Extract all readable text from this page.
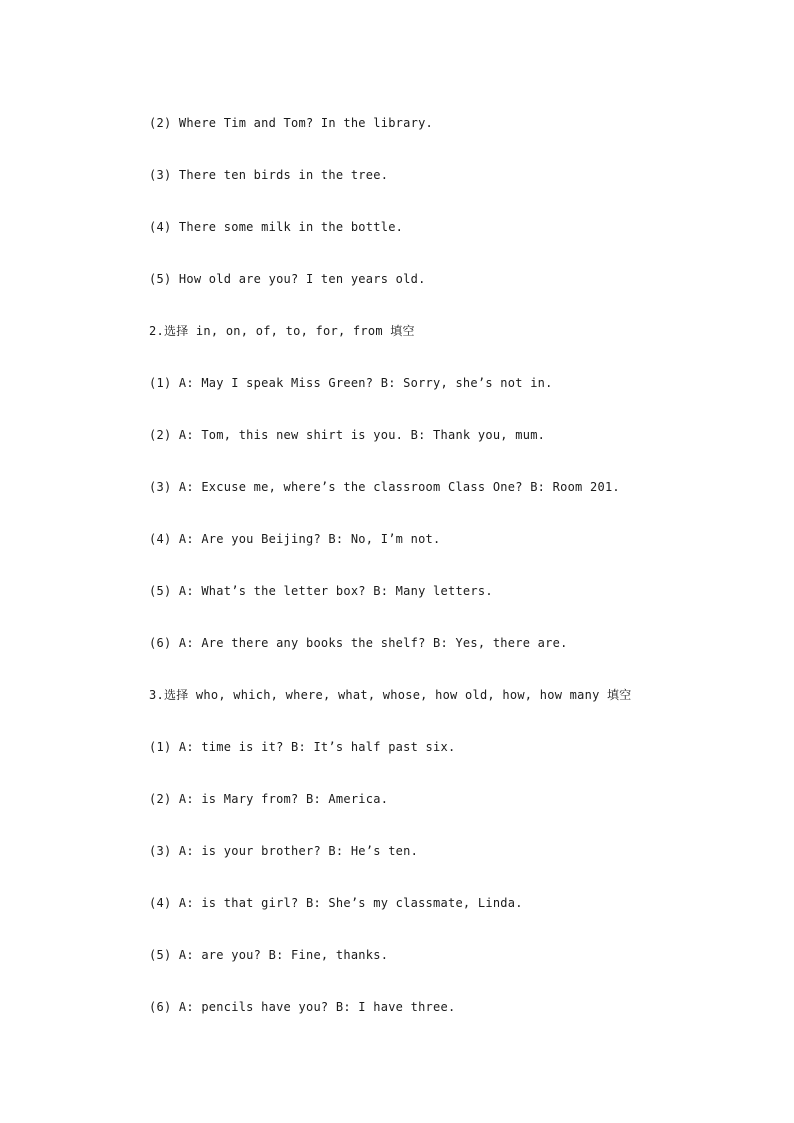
(2) Where Tim and Tom? In the library.
(3) There ten birds in the tree.
(4) There some milk in the bottle.
(5) How old are you? I ten years old.
2.选择 in, on, of, to, for, from 填空
(1) A: May I speak Miss Green? B: Sorry, she’s not in.
(2) A: Tom, this new shirt is you. B: Thank you, mum.
(3) A: Excuse me, where’s the classroom Class One? B: Room 201.
(4) A: Are you Beijing? B: No, I’m not.
(5) A: What’s the letter box? B: Many letters.
(6) A: Are there any books the shelf? B: Yes, there are.
3.选择 who, which, where, what, whose, how old, how, how many 填空
(1) A: time is it? B: It’s half past six.
(2) A: is Mary from? B: America.
(3) A: is your brother? B: He’s ten.
(4) A: is that girl? B: She’s my classmate, Linda.
(5) A: are you? B: Fine, thanks.
(6) A: pencils have you? B: I have three.
